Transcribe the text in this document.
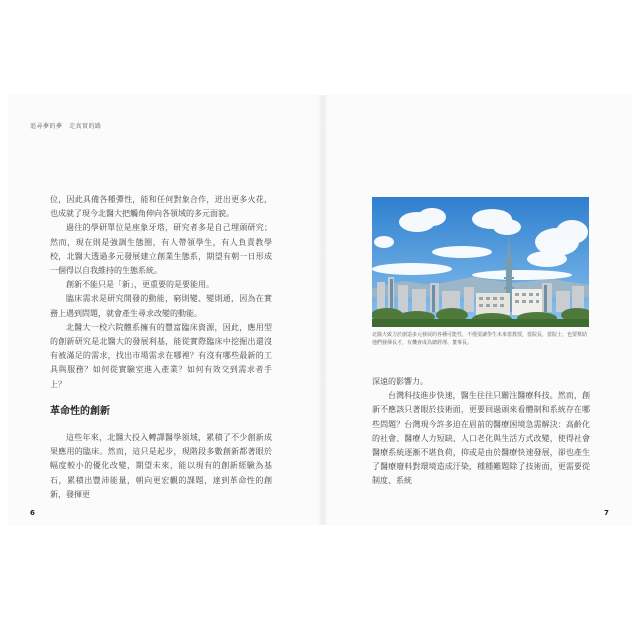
追尋夢的夢　走真實的路

位，因此具備各種彈性，能和任何對象合作，迸出更多火花，也成就了現今北醫大把觸角伸向各領域的多元面貌。

過往的學研單位是座象牙塔，研究者多是自己埋頭研究；然而，現在則是強調生態圈，有人帶領學生，有人負責教學校，北醫大透過多元發展建立創業生態系，期望有朝一日形成一個得以自我維持的生態系統。

創新不能只是「新」，更重要的是要能用。

臨床需求是研究開發的動能，窮則變、變則通，因為在實務上遇到問題，就會產生尋求改變的動能。

北醫大一校六院體系擁有的豐富臨床資源，因此，應用型的創新研究是北醫大的發展利基，能從實際臨床中挖掘出還沒有被滿足的需求，找出市場需求在哪裡？有沒有哪些最新的工具與服務？如何從實驗室進入產業？如何有效交到需求者手上？

革命性的創新

這些年來，北醫大投入轉譯醫學領域，累積了不少創新成果應用的臨床。然而，這只是起步，現階段多數創新都著眼於幅度較小的優化改變，期望未來，能以現有的創新經驗為基石，累積出豐沛能量，朝向更宏觀的課題，達到革命性的創新，發揮更

6
北醫大致力於創造多元發展的各種可能性，不僅要讓學生未來當教授，當院長，當院士，也要幫助他們發揮長才，有機會成為總經理、董事長。

深遠的影響力。

台灣科技進步快速，醫生往往只關注醫療科技。然而，創新不應該只著眼於技術面，更要回過頭來看體制和系統存在哪些問題？台灣現今許多迫在眉前的醫療困境急需解決：高齡化的社會、醫療人力短缺、人口老化與生活方式改變，使得社會醫療系統逐漸不堪負荷，抑或是由於醫療快速發展，卻也產生了醫療廢料對環境造成汙染，種種難題除了技術面，更需要從制度、系統

7
